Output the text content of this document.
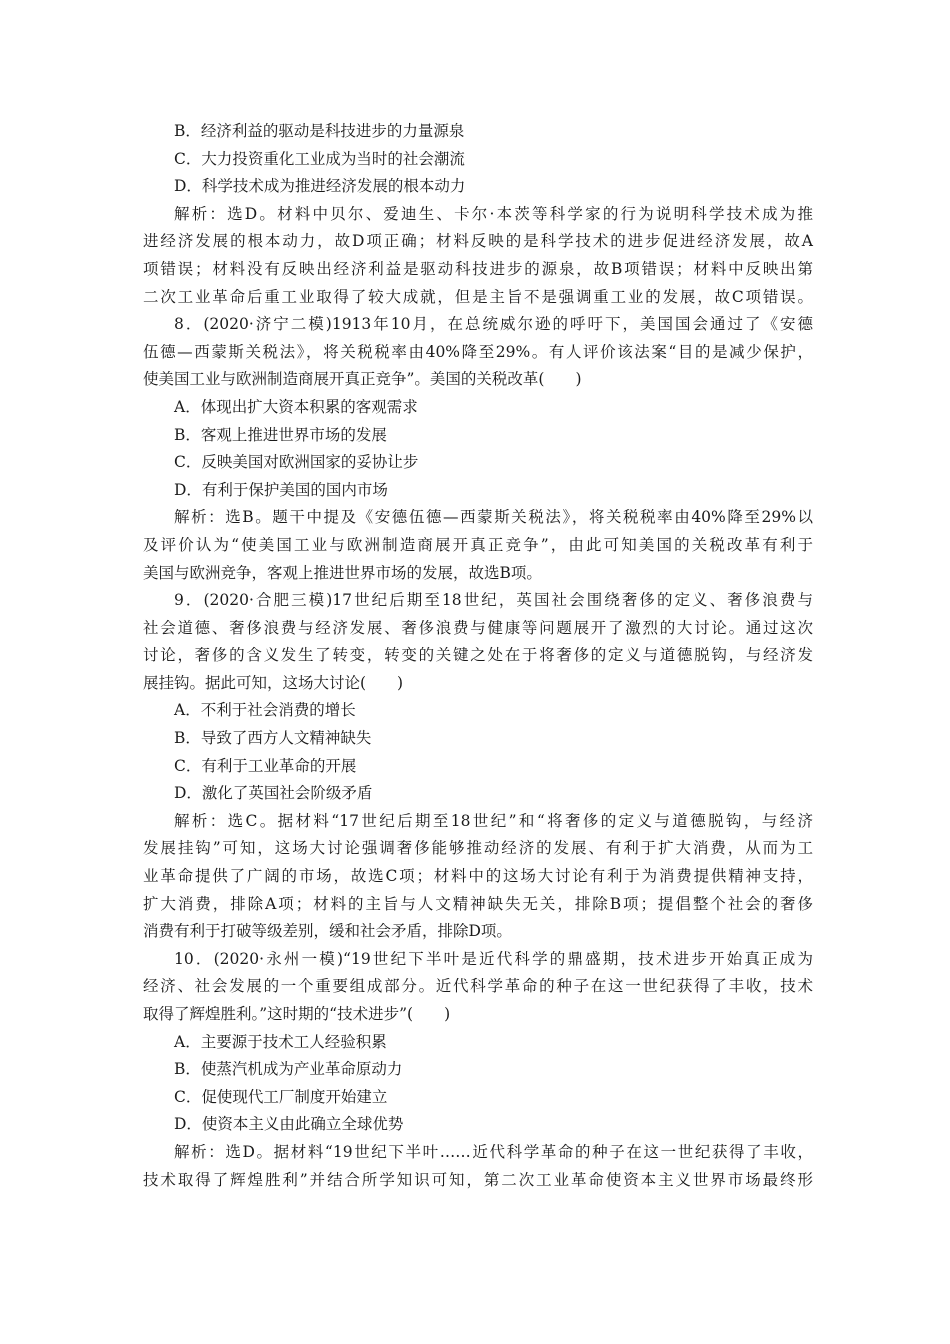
B．经济利益的驱动是科技进步的力量源泉
C．大力投资重化工业成为当时的社会潮流
D．科学技术成为推进经济发展的根本动力
解析：选D。材料中贝尔、爱迪生、卡尔·本茨等科学家的行为说明科学技术成为推
进经济发展的根本动力，故D项正确；材料反映的是科学技术的进步促进经济发展，故A
项错误；材料没有反映出经济利益是驱动科技进步的源泉，故B项错误；材料中反映出第
二次工业革命后重工业取得了较大成就，但是主旨不是强调重工业的发展，故C项错误。
8．(2020·济宁二模)1913年10月，在总统威尔逊的呼吁下，美国国会通过了《安德
伍德—西蒙斯关税法》，将关税税率由40%降至29%。有人评价该法案“目的是减少保护，
使美国工业与欧洲制造商展开真正竞争”。美国的关税改革(　　)
A．体现出扩大资本积累的客观需求
B．客观上推进世界市场的发展
C．反映美国对欧洲国家的妥协让步
D．有利于保护美国的国内市场
解析：选B。题干中提及《安德伍德—西蒙斯关税法》，将关税税率由40%降至29%以
及评价认为“使美国工业与欧洲制造商展开真正竞争”，由此可知美国的关税改革有利于
美国与欧洲竞争，客观上推进世界市场的发展，故选B项。
9．(2020·合肥三模)17世纪后期至18世纪，英国社会围绕奢侈的定义、奢侈浪费与
社会道德、奢侈浪费与经济发展、奢侈浪费与健康等问题展开了激烈的大讨论。通过这次
讨论，奢侈的含义发生了转变，转变的关键之处在于将奢侈的定义与道德脱钩，与经济发
展挂钩。据此可知，这场大讨论(　　)
A．不利于社会消费的增长
B．导致了西方人文精神缺失
C．有利于工业革命的开展
D．激化了英国社会阶级矛盾
解析：选C。据材料“17世纪后期至18世纪”和“将奢侈的定义与道德脱钩，与经济
发展挂钩”可知，这场大讨论强调奢侈能够推动经济的发展、有利于扩大消费，从而为工
业革命提供了广阔的市场，故选C项；材料中的这场大讨论有利于为消费提供精神支持，
扩大消费，排除A项；材料的主旨与人文精神缺失无关，排除B项；提倡整个社会的奢侈
消费有利于打破等级差别，缓和社会矛盾，排除D项。
10．(2020·永州一模)“19世纪下半叶是近代科学的鼎盛期，技术进步开始真正成为
经济、社会发展的一个重要组成部分。近代科学革命的种子在这一世纪获得了丰收，技术
取得了辉煌胜利。”这时期的“技术进步”(　　)
A．主要源于技术工人经验积累
B．使蒸汽机成为产业革命原动力
C．促使现代工厂制度开始建立
D．使资本主义由此确立全球优势
解析：选D。据材料“19世纪下半叶……近代科学革命的种子在这一世纪获得了丰收，
技术取得了辉煌胜利”并结合所学知识可知，第二次工业革命使资本主义世界市场最终形
